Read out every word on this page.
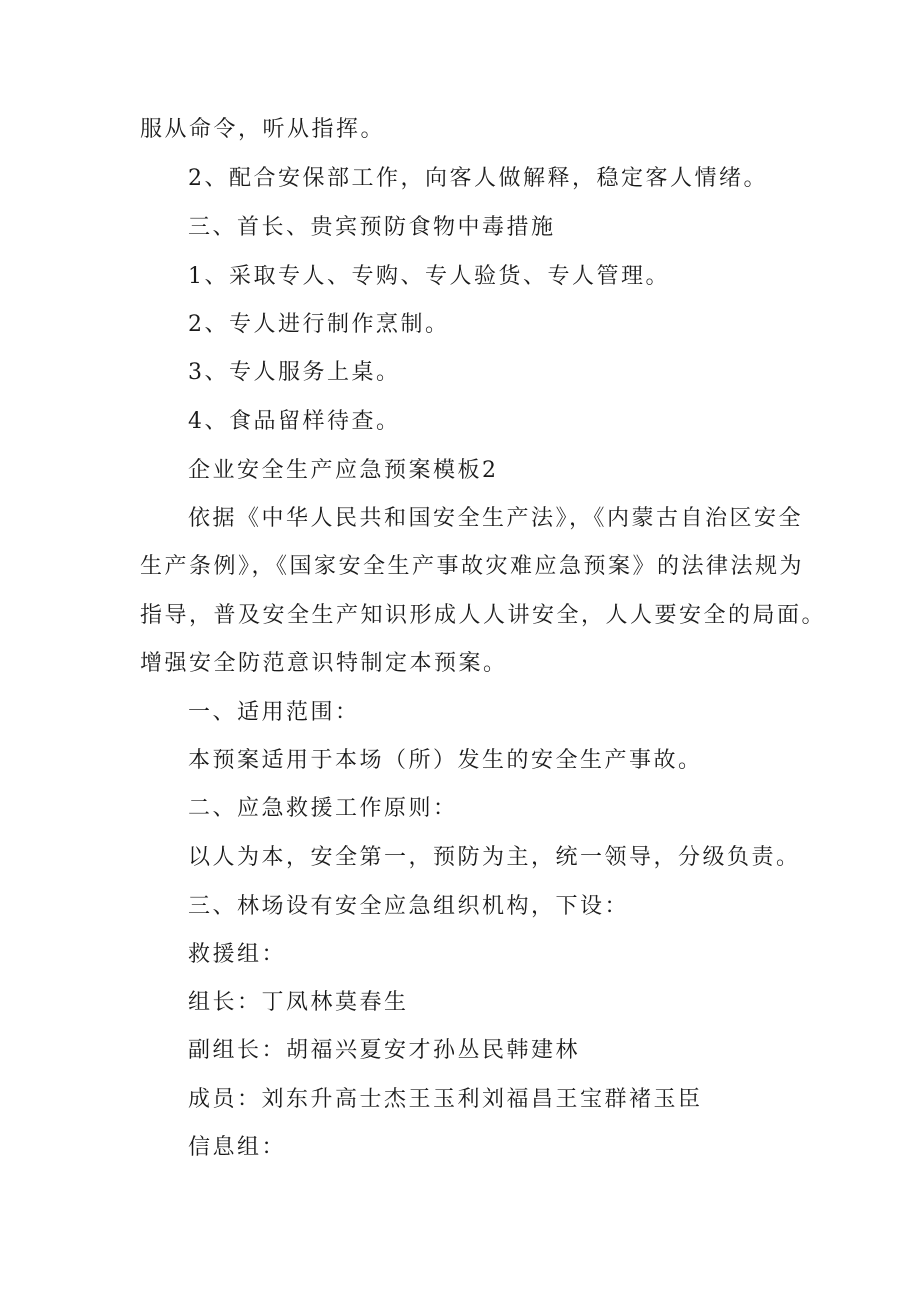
服从命令，听从指挥。
2、配合安保部工作，向客人做解释，稳定客人情绪。
三、首长、贵宾预防食物中毒措施
1、采取专人、专购、专人验货、专人管理。
2、专人进行制作烹制。
3、专人服务上桌。
4、食品留样待查。
企业安全生产应急预案模板2
依据《中华人民共和国安全生产法》，《内蒙古自治区安全
生产条例》，《国家安全生产事故灾难应急预案》的法律法规为
指导，普及安全生产知识形成人人讲安全，人人要安全的局面。
增强安全防范意识特制定本预案。
一、适用范围：
本预案适用于本场（所）发生的安全生产事故。
二、应急救援工作原则：
以人为本，安全第一，预防为主，统一领导，分级负责。
三、林场设有安全应急组织机构，下设：
救援组：
组长：丁凤林莫春生
副组长：胡福兴夏安才孙丛民韩建林
成员：刘东升高士杰王玉利刘福昌王宝群褚玉臣
信息组：
